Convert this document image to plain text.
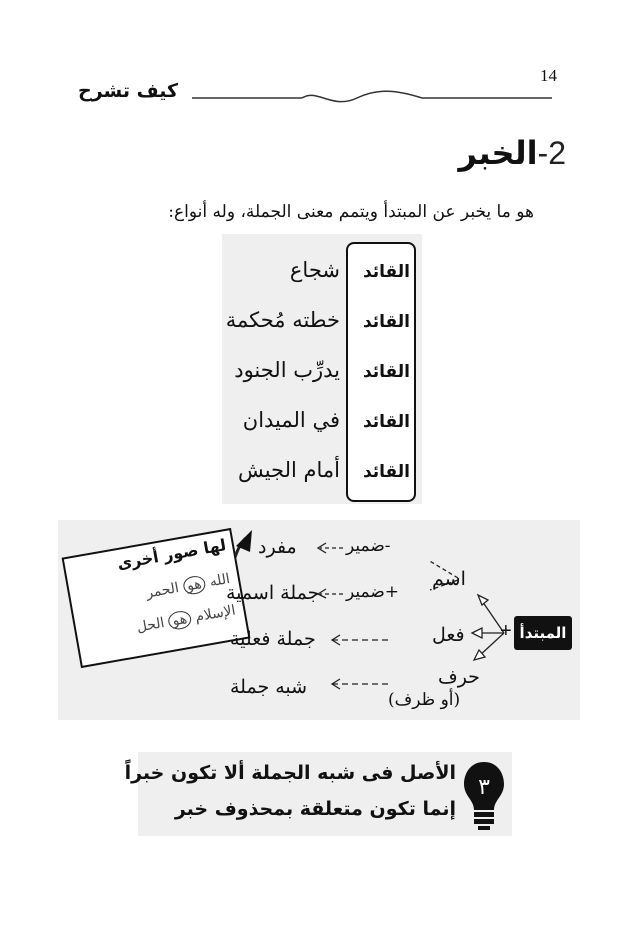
14
كيف تشرح
2-الخبر
هو ما يخبر عن المبتدأ ويتمم معنى الجملة، وله أنواع:
القائد
شجاع
القائد
خطته مُحكمة
القائد
يدرِّب الجنود
القائد
في الميدان
القائد
أمام الجيش
لها صور أخرى
الله هو الحمر
الإسلام هو الحل	المبتدأ
+
اسم
فعل
حرف
(أو ظرف)
-ضمير
+ضمير
مفرد
جملة اسمية
جملة فعلية
شبه جملة
٣
الأصل فى شبه الجملة ألا تكون خبراً
إنما تكون متعلقة بمحذوف خبر
